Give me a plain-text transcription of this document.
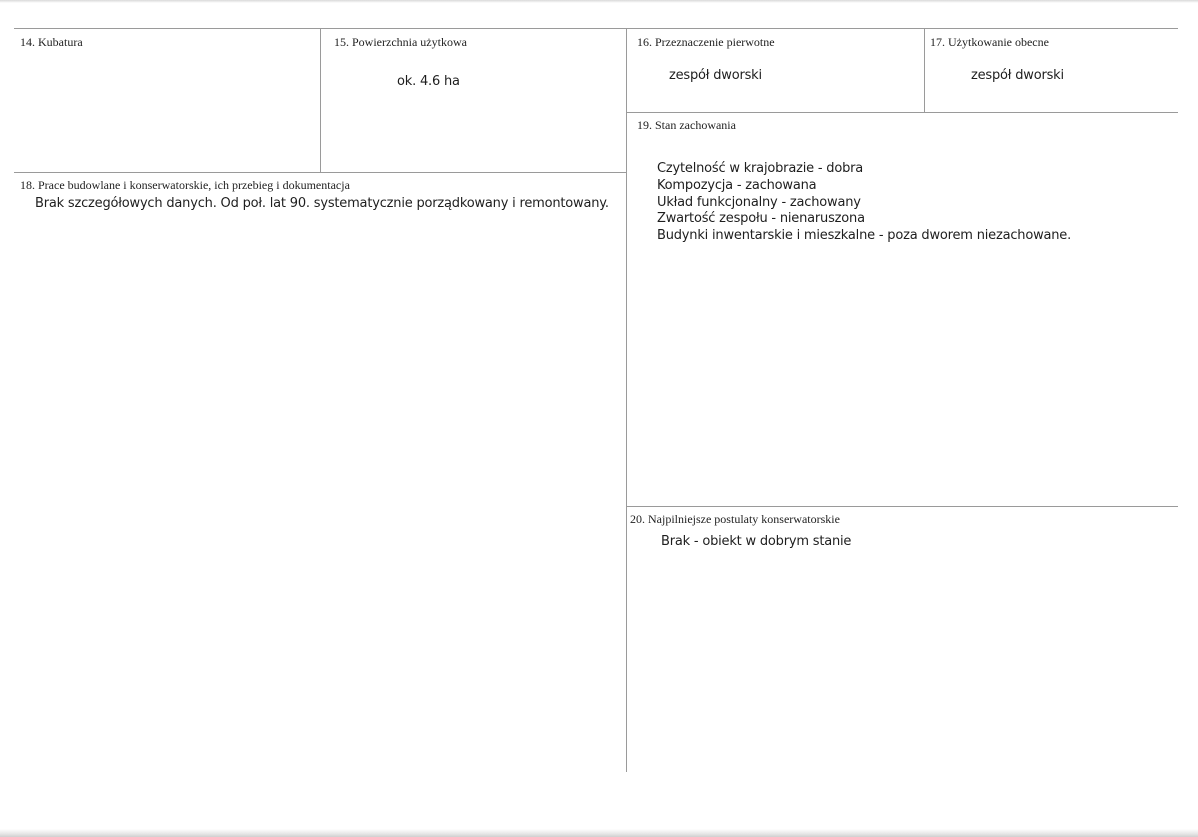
14. Kubatura	15. Powierzchnia użytkowa
ok. 4.6 ha
16. Przeznaczenie pierwotne
zespół dworski
17. Użytkowanie obecne
zespół dworski
18. Prace budowlane i konserwatorskie, ich przebieg i dokumentacja
Brak szczegółowych danych. Od poł. lat 90. systematycznie porządkowany i remontowany.
19. Stan zachowania
Czytelność w krajobrazie - dobra
Kompozycja - zachowana
Układ funkcjonalny - zachowany
Zwartość zespołu - nienaruszona
Budynki inwentarskie i mieszkalne - poza dworem niezachowane.
20. Najpilniejsze postulaty konserwatorskie
Brak - obiekt w dobrym stanie
